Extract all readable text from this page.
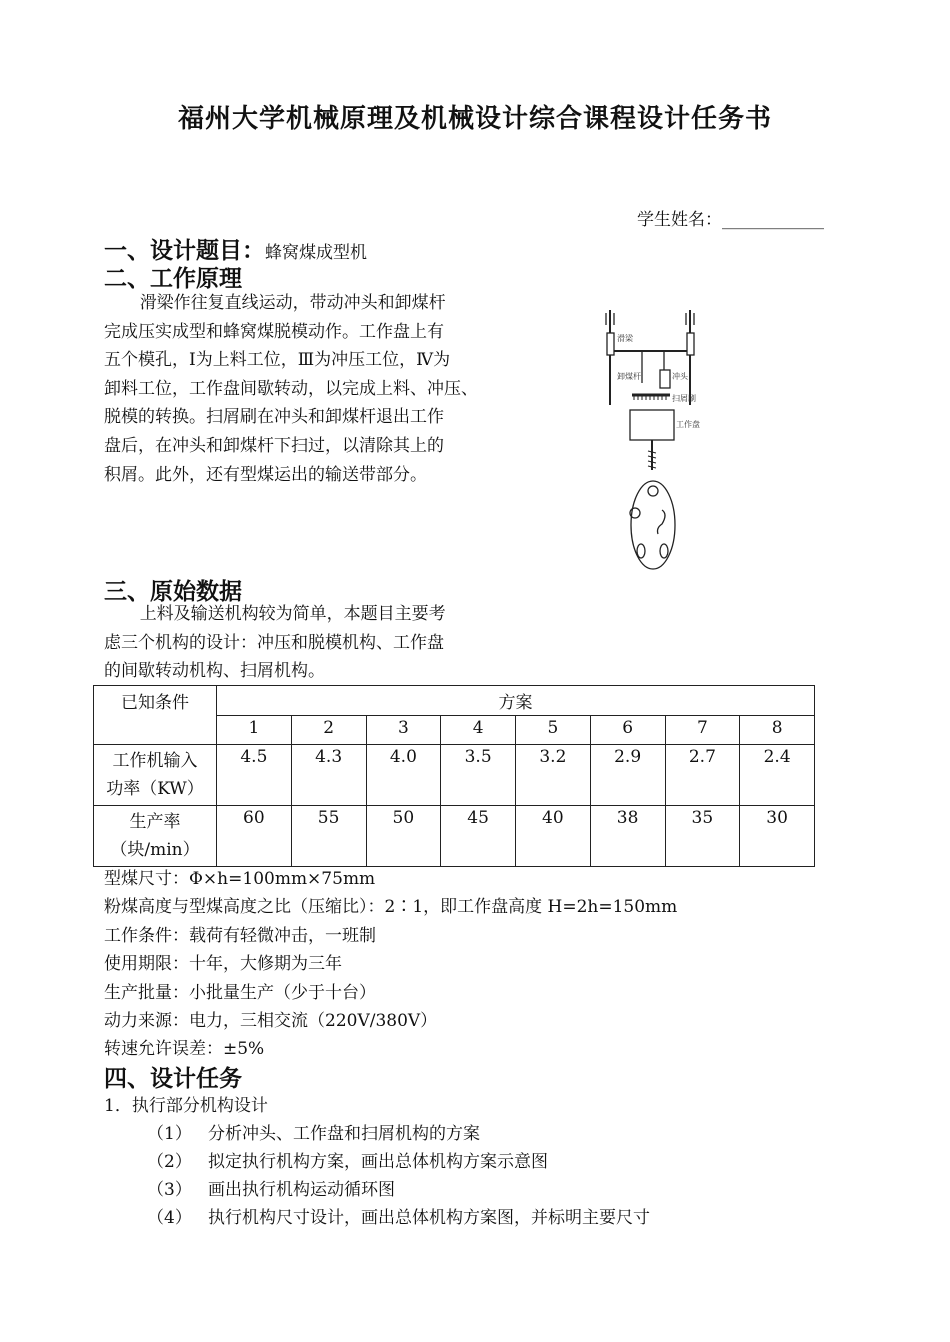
福州大学机械原理及机械设计综合课程设计任务书
学生姓名：____________
一、设计题目：蜂窝煤成型机
二、工作原理
滑梁作往复直线运动，带动冲头和卸煤杆
完成压实成型和蜂窝煤脱模动作。工作盘上有
五个模孔，Ⅰ为上料工位，Ⅲ为冲压工位，Ⅳ为
卸料工位，工作盘间歇转动，以完成上料、冲压、
脱模的转换。扫屑刷在冲头和卸煤杆退出工作
盘后，在冲头和卸煤杆下扫过，以清除其上的
积屑。此外，还有型煤运出的输送带部分。
滑梁
卸煤杆	冲头
扫屑刷
工作盘
三、原始数据
上料及输送机构较为简单，本题目主要考
虑三个机构的设计：冲压和脱模机构、工作盘
的间歇转动机构、扫屑机构。
已知条件	方案							
	1	2	3	4	5	6	7	8

工作机输入
功率（KW）	4.5	4.3	4.0	3.5	3.2	2.9	2.7	2.4

生产率
（块/min）	60	55	50	45	40	38	35	30
型煤尺寸：Φ×h=100mm×75mm
粉煤高度与型煤高度之比（压缩比）：2∶1，即工作盘高度 H=2h=150mm
工作条件：载荷有轻微冲击，一班制
使用期限：十年，大修期为三年
生产批量：小批量生产（少于十台）
动力来源：电力，三相交流（220V/380V）
转速允许误差：±5%
四、设计任务
1．执行部分机构设计
（1） 分析冲头、工作盘和扫屑机构的方案
（2） 拟定执行机构方案，画出总体机构方案示意图
（3） 画出执行机构运动循环图
（4） 执行机构尺寸设计，画出总体机构方案图，并标明主要尺寸
